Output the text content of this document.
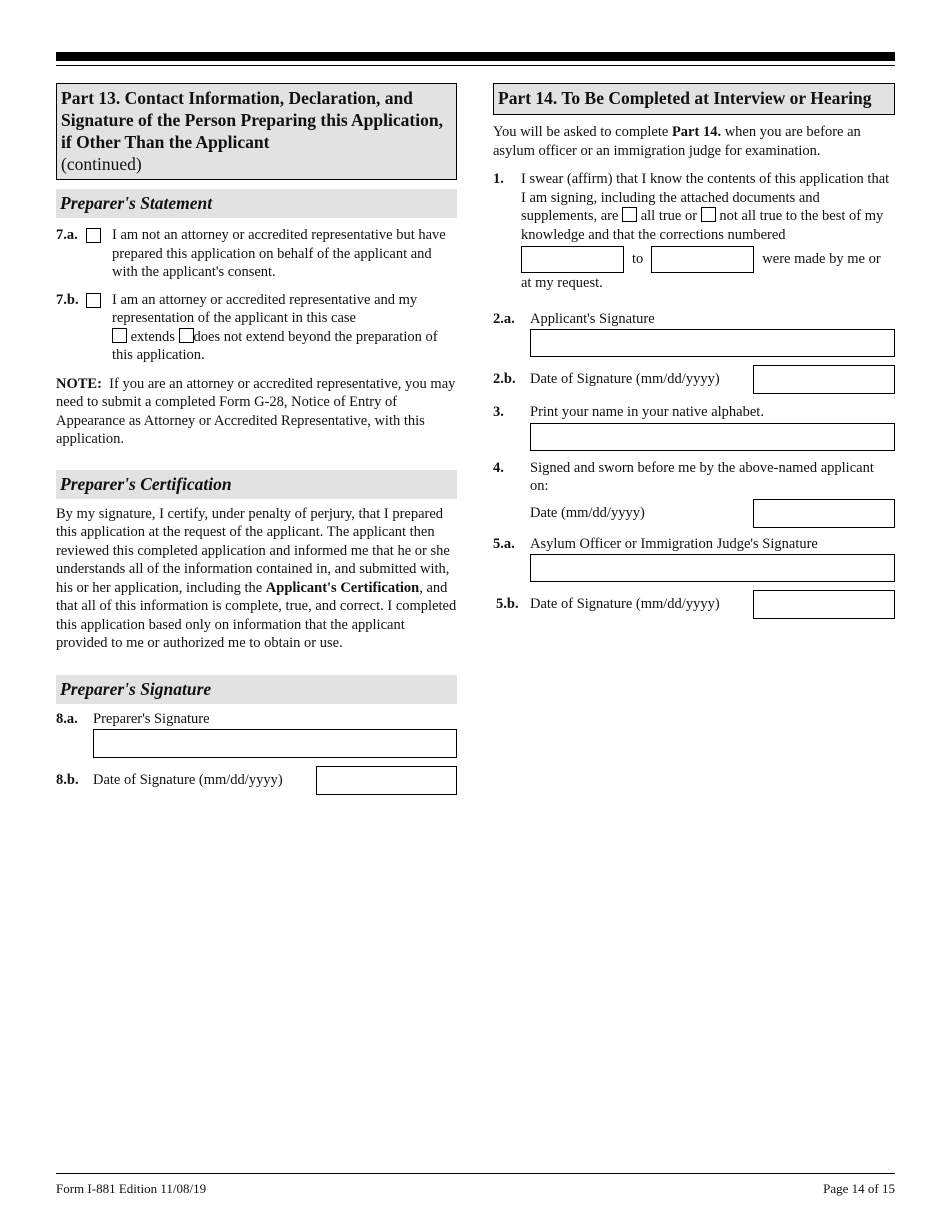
Part 13. Contact Information, Declaration, and Signature of the Person Preparing this Application, if Other Than the Applicant
(continued)
Preparer's Statement
7.a.	I am not an attorney or accredited representative but have prepared this application on behalf of the applicant and with the applicant's consent.
7.b.	I am an attorney or accredited representative and my representation of the applicant in this case
extends does not extend beyond the preparation of this application.

NOTE: If you are an attorney or accredited representative, you may need to submit a completed Form G-28, Notice of Entry of Appearance as Attorney or Accredited Representative, with this application.

Preparer's Certification

By my signature, I certify, under penalty of perjury, that I prepared this application at the request of the applicant. The applicant then reviewed this completed application and informed me that he or she understands all of the information contained in, and submitted with, his or her application, including the Applicant's Certification, and that all of this information is complete, true, and correct. I completed this application based only on information that the applicant provided to me or authorized me to obtain or use.

Preparer's Signature
8.a.	Preparer's Signature
8.b. Date of Signature (mm/dd/yyyy)
Part 14. To Be Completed at Interview or Hearing

You will be asked to complete Part 14. when you are before an asylum officer or an immigration judge for examination.

1.	I swear (affirm) that I know the contents of this application that I am signing, including the attached documents and supplements, are all true or not all true to the best of my knowledge and that the corrections numbered
to	were made by me or

at my request.

2.a.	Applicant's Signature
2.b. Date of Signature (mm/dd/yyyy)
3.	Print your name in your native alphabet.
4.	Signed and sworn before me by the above-named applicant on:
Date (mm/dd/yyyy)
5.a.	Asylum Officer or Immigration Judge's Signature
5.b. Date of Signature (mm/dd/yyyy)
Form I-881 Edition 11/08/19	Page 14 of 15
